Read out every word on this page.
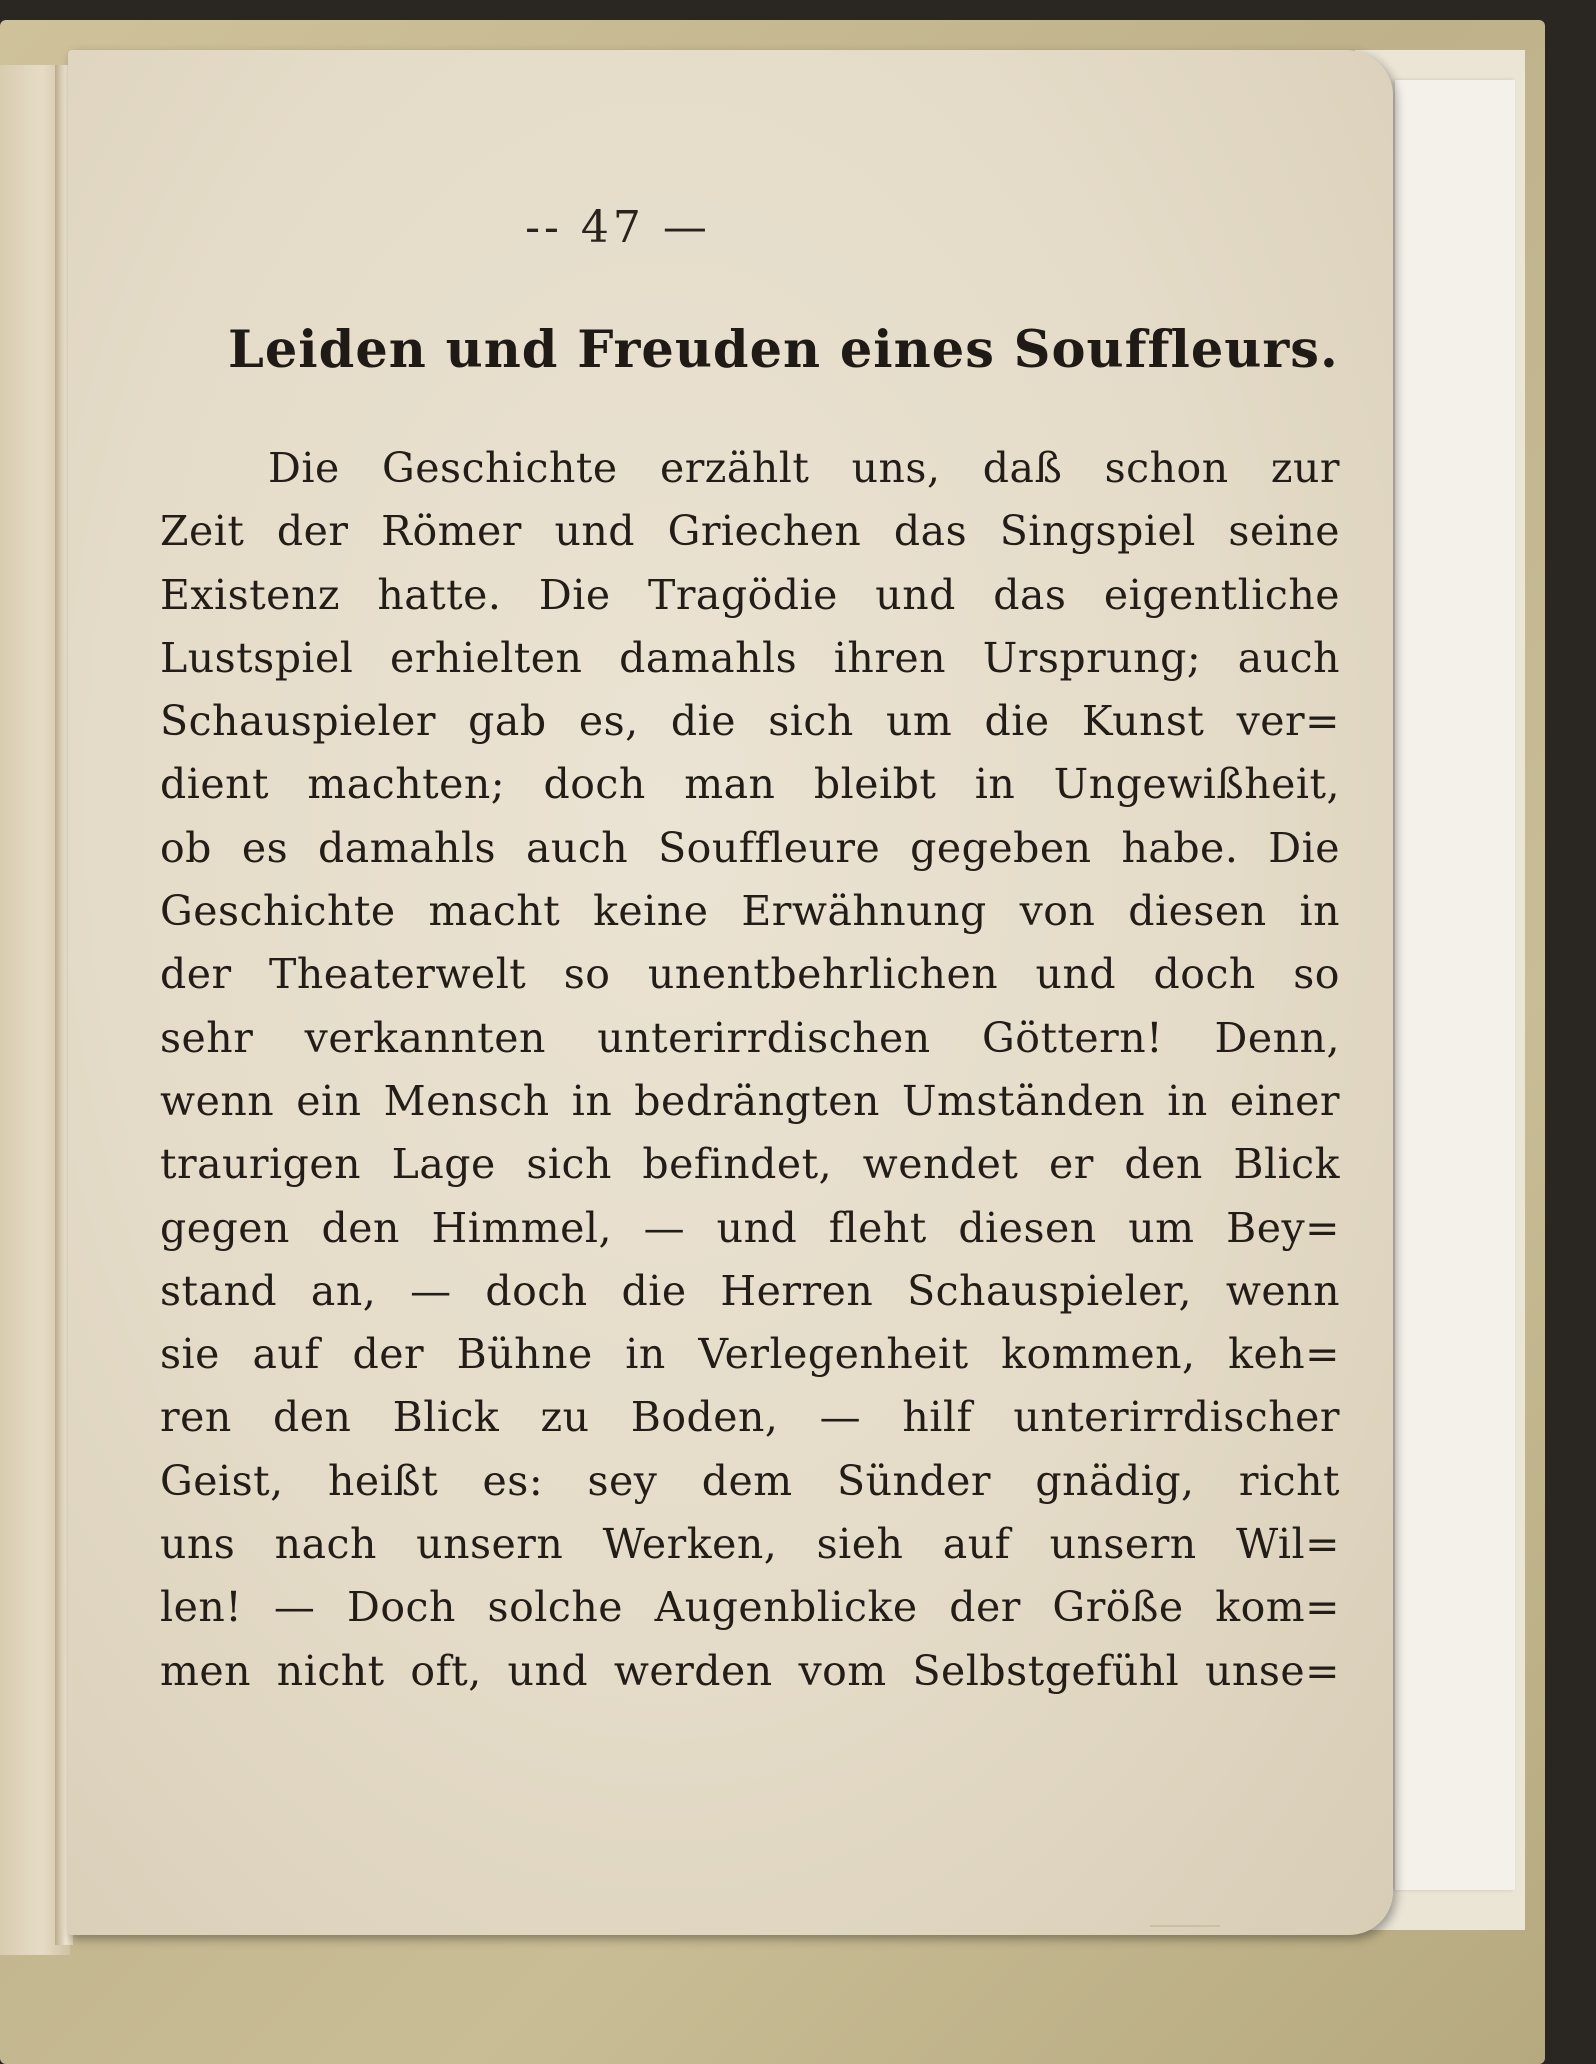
-- 47 —
Leiden und Freuden eines Souffleurs.
Die Geschichte erzählt uns, daß schon zur
Zeit der Römer und Griechen das Singspiel seine
Existenz hatte. Die Tragödie und das eigentliche
Lustspiel erhielten damahls ihren Ursprung; auch
Schauspieler gab es, die sich um die Kunst ver=
dient machten; doch man bleibt in Ungewißheit,
ob es damahls auch Souffleure gegeben habe. Die
Geschichte macht keine Erwähnung von diesen in
der Theaterwelt so unentbehrlichen und doch so
sehr verkannten unterirrdischen Göttern! Denn,
wenn ein Mensch in bedrängten Umständen in einer
traurigen Lage sich befindet, wendet er den Blick
gegen den Himmel, — und fleht diesen um Bey=
stand an, — doch die Herren Schauspieler, wenn
sie auf der Bühne in Verlegenheit kommen, keh=
ren den Blick zu Boden, — hilf unterirrdischer
Geist, heißt es: sey dem Sünder gnädig, richt
uns nach unsern Werken, sieh auf unsern Wil=
len! — Doch solche Augenblicke der Größe kom=
men nicht oft, und werden vom Selbstgefühl unse=
